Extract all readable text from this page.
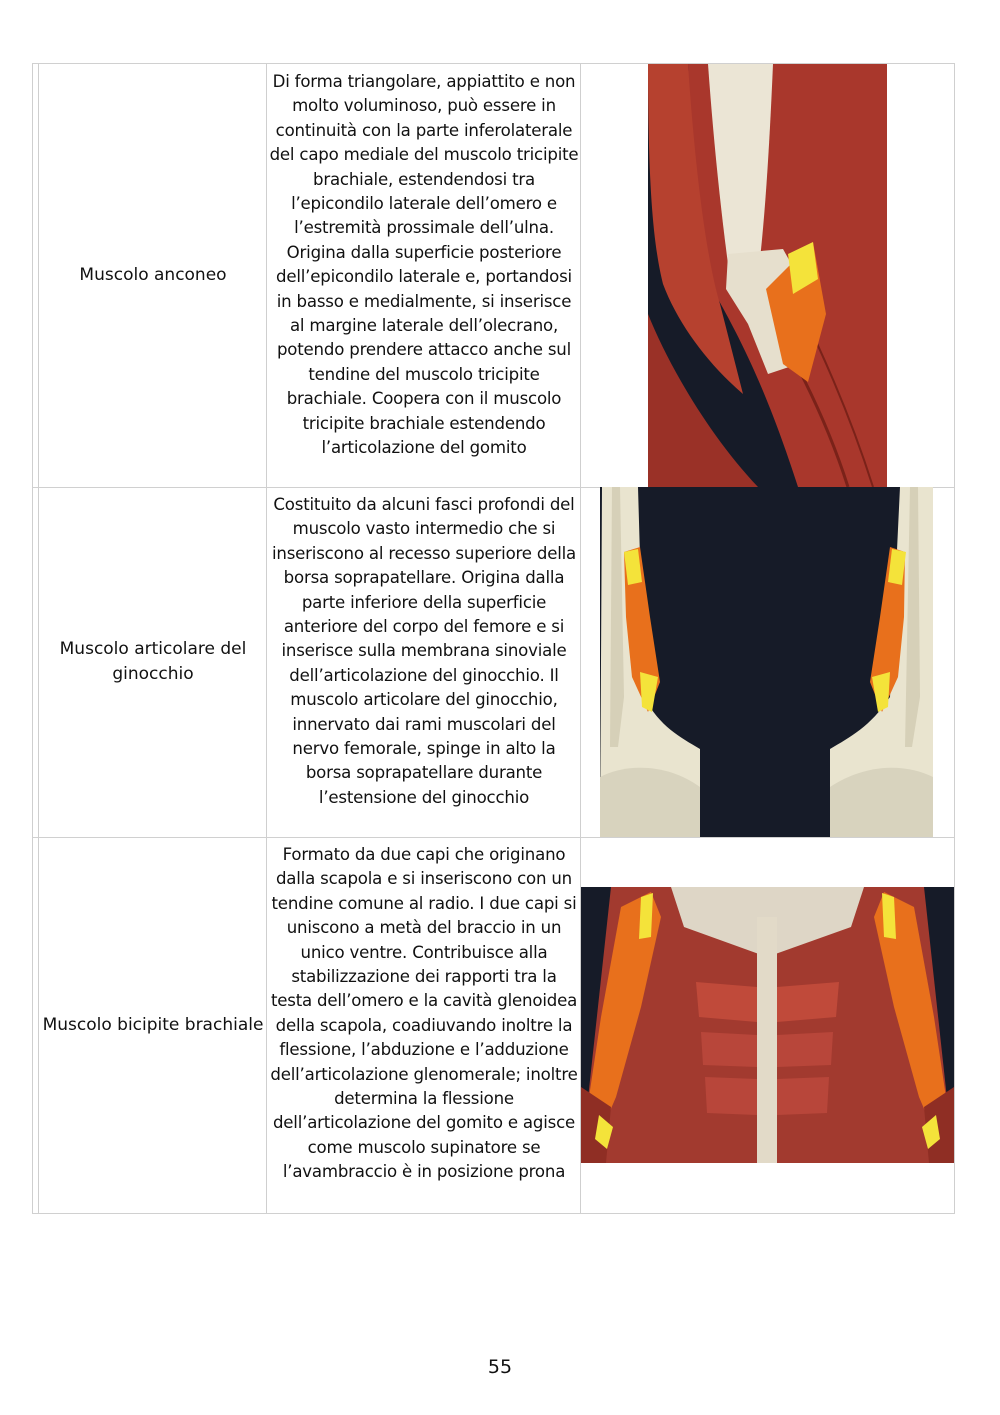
Muscolo anconeo
Di forma triangolare, appiattito e non molto voluminoso, può essere in continuità con la parte inferolaterale del capo mediale del muscolo tricipite brachiale, estendendosi tra l’epicondilo laterale dell’omero e l’estremità prossimale dell’ulna. Origina dalla superficie posteriore dell’epicondilo laterale e, portandosi in basso e medialmente, si inserisce al margine laterale dell’olecrano, potendo prendere attacco anche sul tendine del muscolo tricipite brachiale. Coopera con il muscolo tricipite brachiale estendendo l’articolazione del gomito
Muscolo articolare del ginocchio
Costituito da alcuni fasci profondi del muscolo vasto intermedio che si inseriscono al recesso superiore della borsa soprapatellare. Origina dalla parte inferiore della superficie anteriore del corpo del femore e si inserisce sulla membrana sinoviale dell’articolazione del ginocchio. Il muscolo articolare del ginocchio, innervato dai rami muscolari del nervo femorale, spinge in alto la borsa soprapatellare durante l’estensione del ginocchio
Muscolo bicipite brachiale
Formato da due capi che originano dalla scapola e si inseriscono con un tendine comune al radio. I due capi si uniscono a metà del braccio in un unico ventre. Contribuisce alla stabilizzazione dei rapporti tra la testa dell’omero e la cavità glenoidea della scapola, coadiuvando inoltre la flessione, l’abduzione e l’adduzione dell’articolazione glenomerale; inoltre determina la flessione dell’articolazione del gomito e agisce come muscolo supinatore se l’avambraccio è in posizione prona
55
